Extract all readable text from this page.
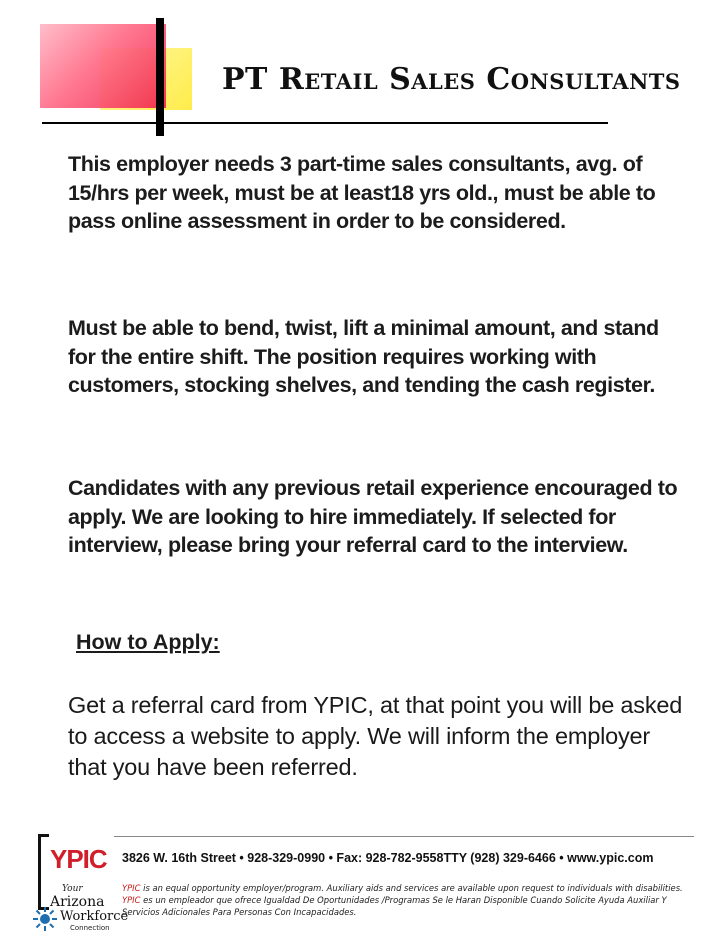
PT Retail Sales Consultants

This employer needs 3 part-time sales consultants, avg. of 15/hrs per week, must be at least18 yrs old., must be able to pass online assessment in order to be considered.

Must be able to bend, twist, lift a minimal amount, and stand for the entire shift. The position requires working with customers, stocking shelves, and tending the cash register.

Candidates with any previous retail experience encouraged to apply. We are looking to hire immediately. If selected for interview, please bring your referral card to the interview.

How to Apply:

Get a referral card from YPIC, at that point you will be asked to access a website to apply. We will inform the employer that you have been referred.

YPIC
Your
Arizona
Workforce
Connection
3826 W. 16th Street • 928-329-0990 • Fax: 928-782-9558TTY (928) 329-6466 • www.ypic.com
YPIC is an equal opportunity employer/program. Auxiliary aids and services are available upon request to individuals with disabilities.
YPIC es un empleador que ofrece Igualdad De Oportunidades /Programas Se le Haran Disponible Cuando Solicite Ayuda Auxiliar Y Servicios Adicionales Para Personas Con Incapacidades.
